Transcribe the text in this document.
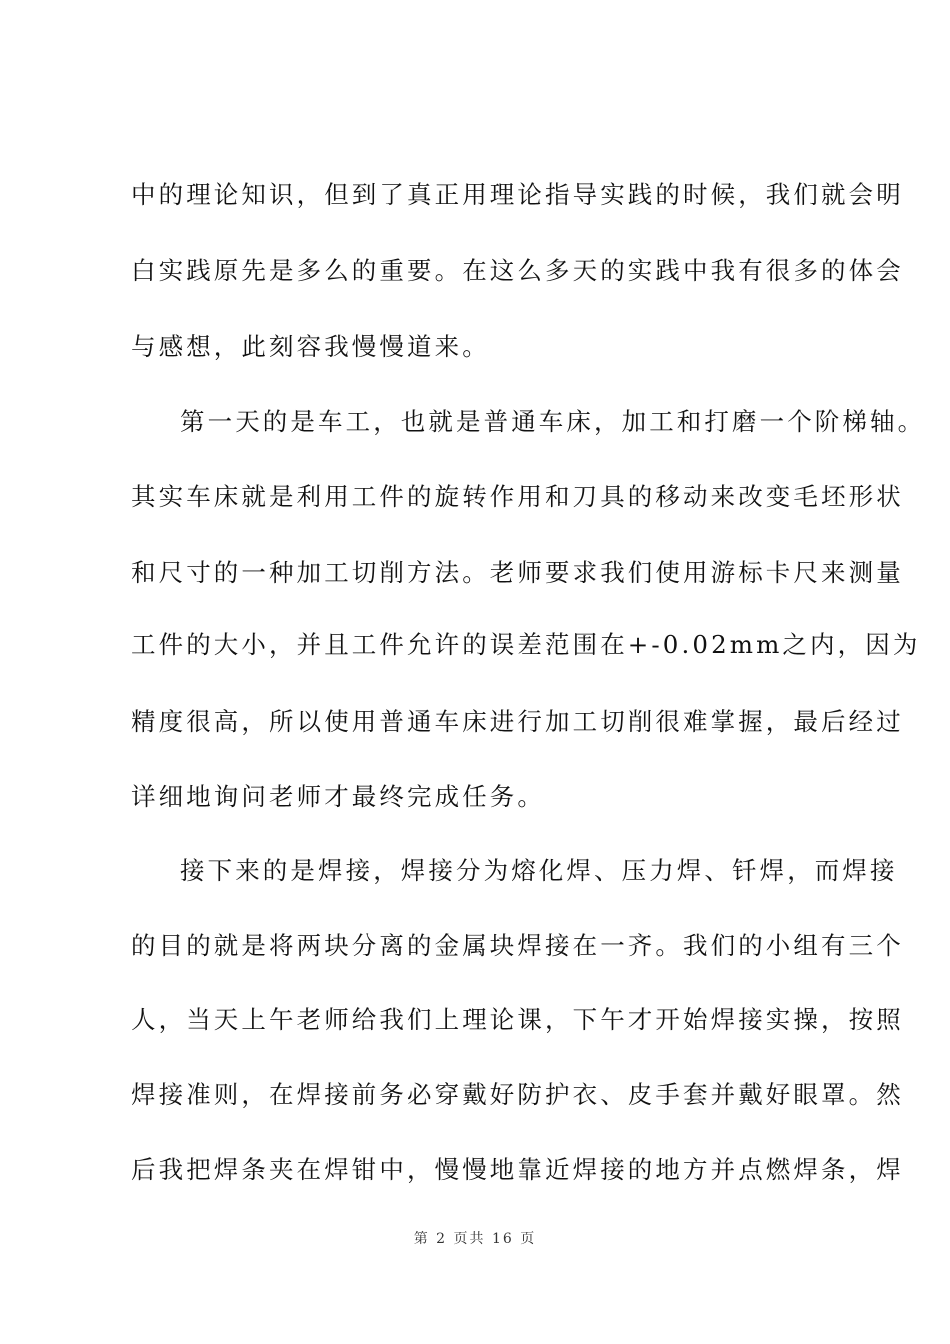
中的理论知识，但到了真正用理论指导实践的时候，我们就会明
白实践原先是多么的重要。在这么多天的实践中我有很多的体会
与感想，此刻容我慢慢道来。
第一天的是车工，也就是普通车床，加工和打磨一个阶梯轴。
其实车床就是利用工件的旋转作用和刀具的移动来改变毛坯形状
和尺寸的一种加工切削方法。老师要求我们使用游标卡尺来测量
工件的大小，并且工件允许的误差范围在+-0.02mm之内，因为
精度很高，所以使用普通车床进行加工切削很难掌握，最后经过
详细地询问老师才最终完成任务。
接下来的是焊接，焊接分为熔化焊、压力焊、钎焊，而焊接
的目的就是将两块分离的金属块焊接在一齐。我们的小组有三个
人，当天上午老师给我们上理论课，下午才开始焊接实操，按照
焊接准则，在焊接前务必穿戴好防护衣、皮手套并戴好眼罩。然
后我把焊条夹在焊钳中，慢慢地靠近焊接的地方并点燃焊条，焊
第 2 页共 16 页
